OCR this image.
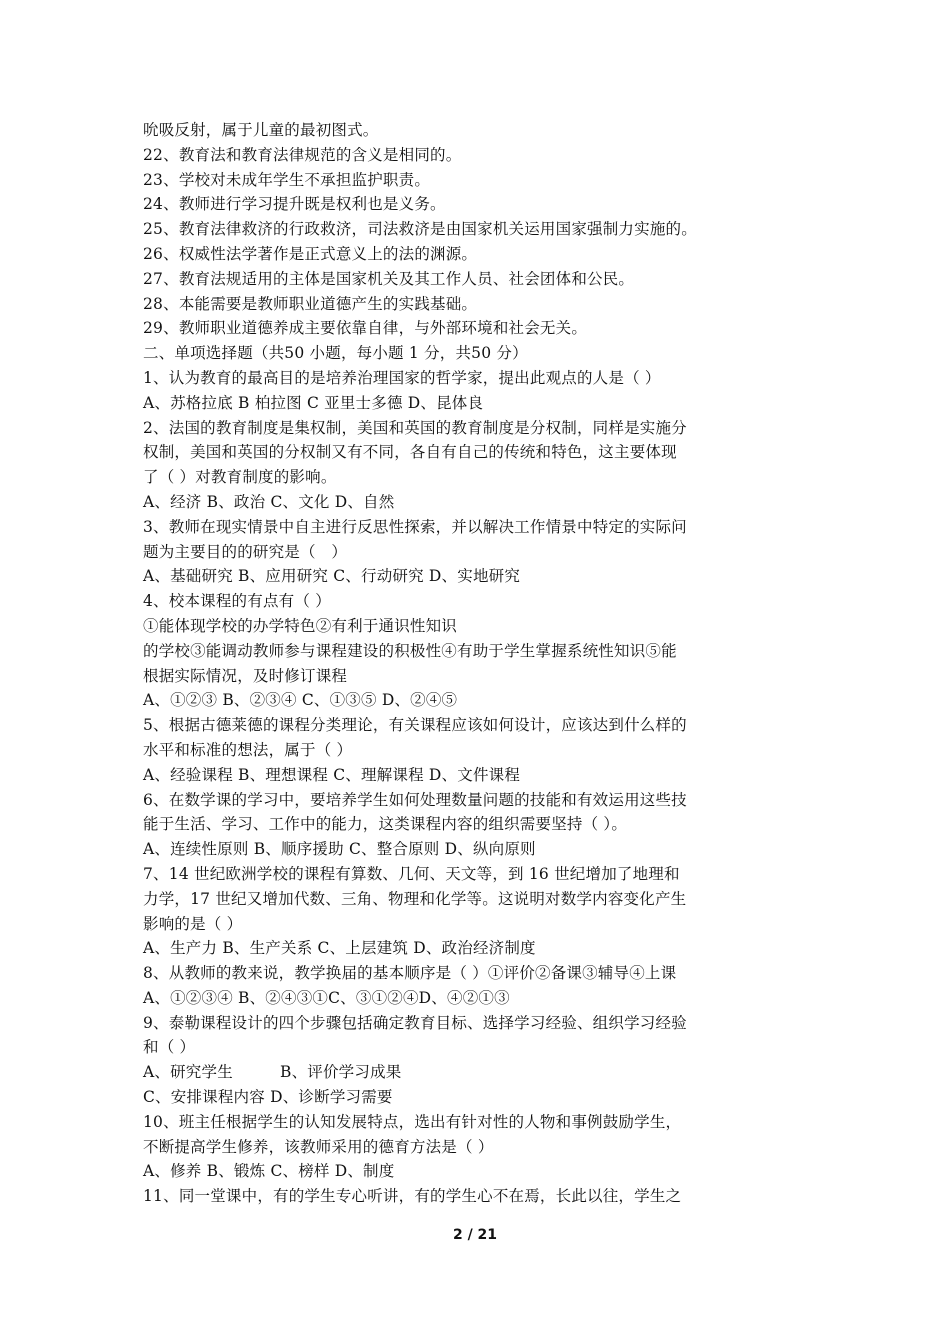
吮吸反射，属于儿童的最初图式。
22、教育法和教育法律规范的含义是相同的。
23、学校对未成年学生不承担监护职责。
24、教师进行学习提升既是权利也是义务。
25、教育法律救济的行政救济，司法救济是由国家机关运用国家强制力实施的。
26、权威性法学著作是正式意义上的法的渊源。
27、教育法规适用的主体是国家机关及其工作人员、社会团体和公民。
28、本能需要是教师职业道德产生的实践基础。
29、教师职业道德养成主要依靠自律，与外部环境和社会无关。
二、单项选择题（共50 小题，每小题 1 分，共50 分）
1、认为教育的最高目的是培养治理国家的哲学家，提出此观点的人是（ ）
A、苏格拉底 B 柏拉图 C 亚里士多德 D、昆体良
2、法国的教育制度是集权制，美国和英国的教育制度是分权制，同样是实施分
权制，美国和英国的分权制又有不同，各自有自己的传统和特色，这主要体现
了（ ）对教育制度的影响。
A、经济 B、政治 C、文化 D、自然
3、教师在现实情景中自主进行反思性探索，并以解决工作情景中特定的实际问
题为主要目的的研究是（　）
A、基础研究 B、应用研究 C、行动研究 D、实地研究
4、校本课程的有点有（ ）
①能体现学校的办学特色②有利于通识性知识
的学校③能调动教师参与课程建设的积极性④有助于学生掌握系统性知识⑤能
根据实际情况，及时修订课程
A、①②③ B、②③④ C、①③⑤ D、②④⑤
5、根据古德莱德的课程分类理论，有关课程应该如何设计，应该达到什么样的
水平和标准的想法，属于（ ）
A、经验课程 B、理想课程 C、理解课程 D、文件课程
6、在数学课的学习中，要培养学生如何处理数量问题的技能和有效运用这些技
能于生活、学习、工作中的能力，这类课程内容的组织需要坚持（ ）。
A、连续性原则 B、顺序援助 C、整合原则 D、纵向原则
7、14 世纪欧洲学校的课程有算数、几何、天文等，到 16 世纪增加了地理和
力学，17 世纪又增加代数、三角、物理和化学等。这说明对数学内容变化产生
影响的是（ ）
A、生产力 B、生产关系 C、上层建筑 D、政治经济制度
8、从教师的教来说，教学换届的基本顺序是（ ）①评价②备课③辅导④上课
A、①②③④ B、②④③①C、③①②④D、④②①③
9、泰勒课程设计的四个步骤包括确定教育目标、选择学习经验、组织学习经验
和（ ）
A、研究学生　　　B、评价学习成果
C、安排课程内容 D、诊断学习需要
10、班主任根据学生的认知发展特点，选出有针对性的人物和事例鼓励学生，
不断提高学生修养，该教师采用的德育方法是（ ）
A、修养 B、锻炼 C、榜样 D、制度
11、同一堂课中，有的学生专心听讲，有的学生心不在焉，长此以往，学生之
2 / 21
